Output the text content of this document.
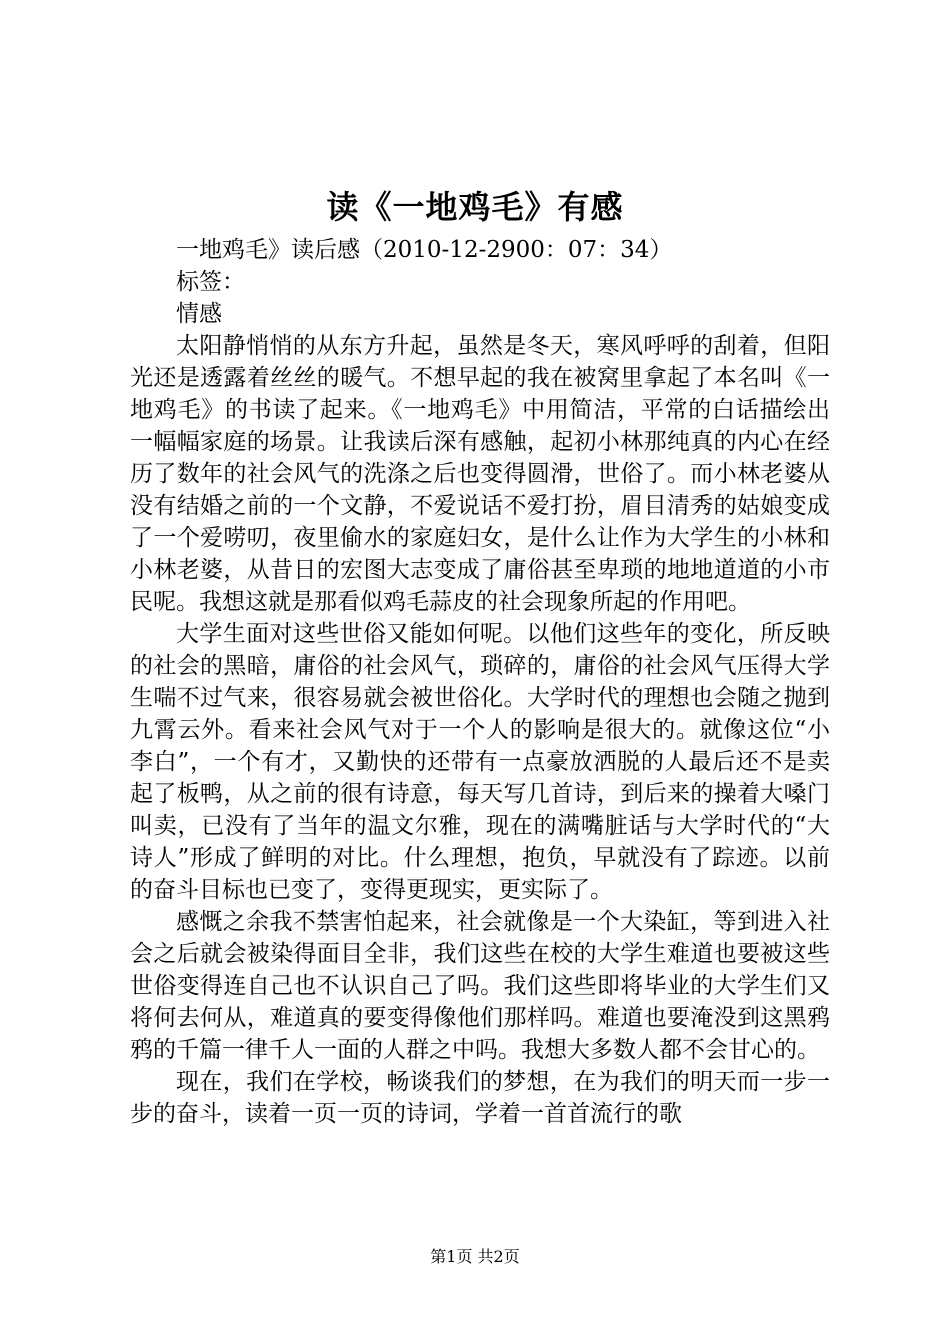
读《一地鸡毛》有感

一地鸡毛》读后感（2010-12-2900：07：34）

标签：

情感

太阳静悄悄的从东方升起，虽然是冬天，寒风呼呼的刮着，但阳光还是透露着丝丝的暖气。不想早起的我在被窝里拿起了本名叫《一地鸡毛》的书读了起来。《一地鸡毛》中用简洁，平常的白话描绘出一幅幅家庭的场景。让我读后深有感触，起初小林那纯真的内心在经历了数年的社会风气的洗涤之后也变得圆滑，世俗了。而小林老婆从没有结婚之前的一个文静，不爱说话不爱打扮，眉目清秀的姑娘变成了一个爱唠叨，夜里偷水的家庭妇女，是什么让作为大学生的小林和小林老婆，从昔日的宏图大志变成了庸俗甚至卑琐的地地道道的小市民呢。我想这就是那看似鸡毛蒜皮的社会现象所起的作用吧。

大学生面对这些世俗又能如何呢。以他们这些年的变化，所反映的社会的黑暗，庸俗的社会风气，琐碎的，庸俗的社会风气压得大学生喘不过气来，很容易就会被世俗化。大学时代的理想也会随之抛到九霄云外。看来社会风气对于一个人的影响是很大的。就像这位“小李白”，一个有才，又勤快的还带有一点豪放洒脱的人最后还不是卖起了板鸭，从之前的很有诗意，每天写几首诗，到后来的操着大嗓门叫卖，已没有了当年的温文尔雅，现在的满嘴脏话与大学时代的“大诗人”形成了鲜明的对比。什么理想，抱负，早就没有了踪迹。以前的奋斗目标也已变了，变得更现实，更实际了。

感慨之余我不禁害怕起来，社会就像是一个大染缸，等到进入社会之后就会被染得面目全非，我们这些在校的大学生难道也要被这些世俗变得连自己也不认识自己了吗。我们这些即将毕业的大学生们又将何去何从，难道真的要变得像他们那样吗。难道也要淹没到这黑鸦鸦的千篇一律千人一面的人群之中吗。我想大多数人都不会甘心的。

现在，我们在学校，畅谈我们的梦想，在为我们的明天而一步一步的奋斗，读着一页一页的诗词，学着一首首流行的歌

第1页 共2页
